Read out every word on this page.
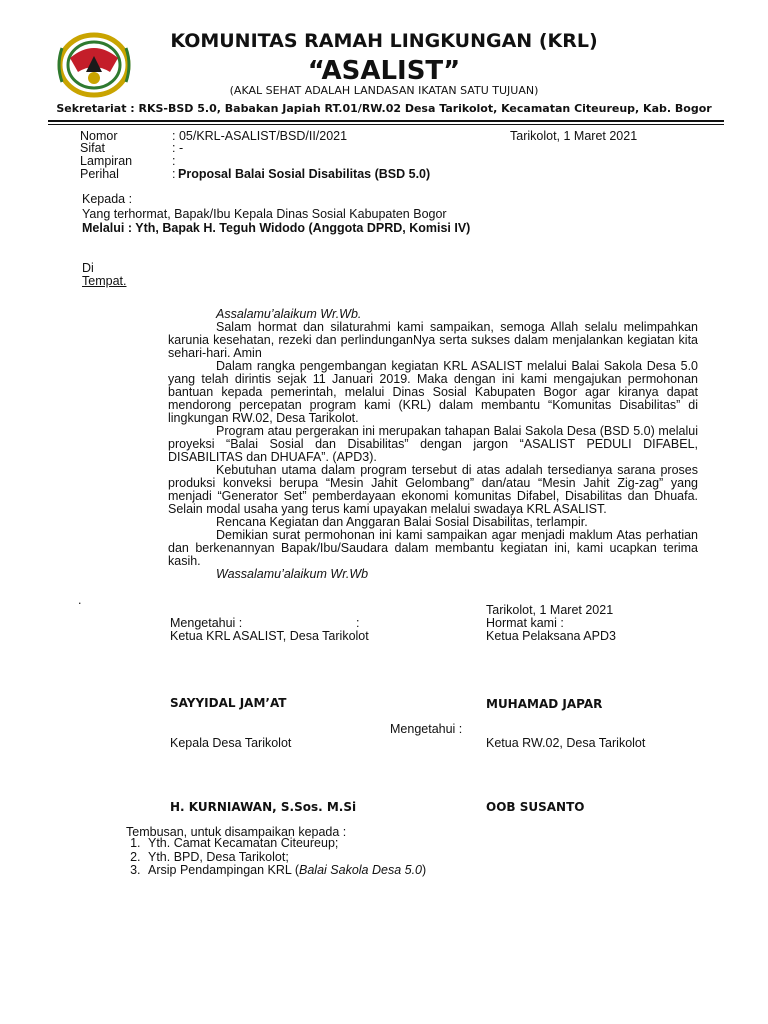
KOMUNITAS RAMAH LINGKUNGAN (KRL)
“ASALIST”
(AKAL SEHAT ADALAH LANDASAN IKATAN SATU TUJUAN)
Sekretariat : RKS-BSD 5.0, Babakan Japiah RT.01/RW.02 Desa Tarikolot, Kecamatan Citeureup, Kab. Bogor
Nomor	: 05/KRL-ASALIST/BSD/II/2021	Tarikolot, 1 Maret 2021
Sifat	: -
Lampiran	:
Perihal	: Proposal Balai Sosial Disabilitas (BSD 5.0)
Kepada :
Yang terhormat, Bapak/Ibu Kepala Dinas Sosial Kabupaten Bogor
Melalui : Yth, Bapak H. Teguh Widodo (Anggota DPRD, Komisi IV)
Di
Tempat.

Assalamu’alaikum Wr.Wb.

Salam hormat dan silaturahmi kami sampaikan, semoga Allah selalu melimpahkan karunia kesehatan, rezeki dan perlindunganNya serta sukses dalam menjalankan kegiatan kita sehari-hari. Amin

Dalam rangka pengembangan kegiatan KRL ASALIST melalui Balai Sakola Desa 5.0 yang telah dirintis sejak 11 Januari 2019. Maka dengan ini kami mengajukan permohonan bantuan kepada pemerintah, melalui Dinas Sosial Kabupaten Bogor agar kiranya dapat mendorong percepatan program kami (KRL) dalam membantu “Komunitas Disabilitas” di lingkungan RW.02, Desa Tarikolot.

Program atau pergerakan ini merupakan tahapan Balai Sakola Desa (BSD 5.0) melalui proyeksi “Balai Sosial dan Disabilitas” dengan jargon “ASALIST PEDULI DIFABEL, DISABILITAS dan DHUAFA”. (APD3).

Kebutuhan utama dalam program tersebut di atas adalah tersedianya sarana proses produksi konveksi berupa “Mesin Jahit Gelombang” dan/atau “Mesin Jahit Zig-zag” yang menjadi “Generator Set” pemberdayaan ekonomi komunitas Difabel, Disabilitas dan Dhuafa. Selain modal usaha yang terus kami upayakan melalui swadaya KRL ASALIST.

Rencana Kegiatan dan Anggaran Balai Sosial Disabilitas, terlampir.

Demikian surat permohonan ini kami sampaikan agar menjadi maklum Atas perhatian dan berkenannyan Bapak/Ibu/Saudara dalam membantu kegiatan ini, kami ucapkan terima kasih.

Wassalamu’alaikum Wr.Wb

.
Tarikolot, 1 Maret 2021
Mengetahui :	:	Hormat kami :
Ketua KRL ASALIST, Desa Tarikolot	Ketua Pelaksana APD3
SAYYIDAL JAM’AT	MUHAMAD JAPAR
Mengetahui :
Kepala Desa Tarikolot	Ketua RW.02, Desa Tarikolot
H. KURNIAWAN, S.Sos. M.Si	OOB SUSANTO
Tembusan, untuk disampaikan kepada :
1. Yth. Camat Kecamatan Citeureup;
2. Yth. BPD, Desa Tarikolot;
3. Arsip Pendampingan KRL (Balai Sakola Desa 5.0)
